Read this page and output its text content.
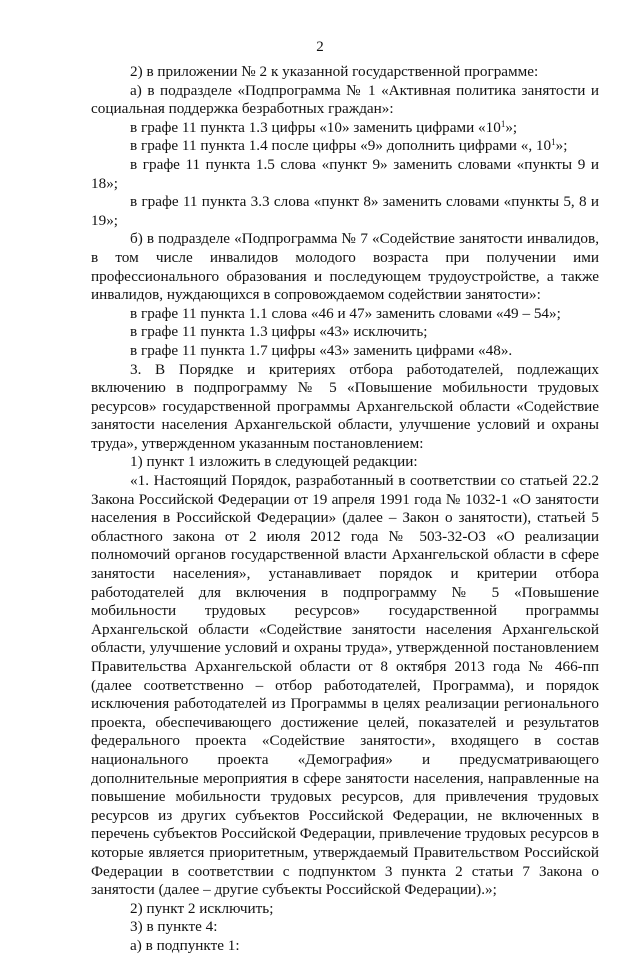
2

2) в приложении № 2 к указанной государственной программе:

а) в подразделе «Подпрограмма № 1 «Активная политика занятости и социальная поддержка безработных граждан»:

в графе 11 пункта 1.3 цифры «10» заменить цифрами «$10^1$»;

в графе 11 пункта 1.4 после цифры «9» дополнить цифрами «, $10^1$»;

в графе 11 пункта 1.5 слова «пункт 9» заменить словами «пункты 9 и 18»;

в графе 11 пункта 3.3 слова «пункт 8» заменить словами «пункты 5, 8 и 19»;

б) в подразделе «Подпрограмма № 7 «Содействие занятости инвалидов, в том числе инвалидов молодого возраста при получении ими профессионального образования и последующем трудоустройстве, а также инвалидов, нуждающихся в сопровождаемом содействии занятости»:

в графе 11 пункта 1.1 слова «46 и 47» заменить словами «49 – 54»;

в графе 11 пункта 1.3 цифры «43» исключить;

в графе 11 пункта 1.7 цифры «43» заменить цифрами «48».

3. В Порядке и критериях отбора работодателей, подлежащих включению в подпрограмму № 5 «Повышение мобильности трудовых ресурсов» государственной программы Архангельской области «Содействие занятости населения Архангельской области, улучшение условий и охраны труда», утвержденном указанным постановлением:

1) пункт 1 изложить в следующей редакции:

«1. Настоящий Порядок, разработанный в соответствии со статьей 22.2 Закона Российской Федерации от 19 апреля 1991 года № 1032-1 «О занятости населения в Российской Федерации» (далее – Закон о занятости), статьей 5 областного закона от 2 июля 2012 года № 503-32-ОЗ «О реализации полномочий органов государственной власти Архангельской области в сфере занятости населения», устанавливает порядок и критерии отбора работодателей для включения в подпрограмму № 5 «Повышение мобильности трудовых ресурсов» государственной программы Архангельской области «Содействие занятости населения Архангельской области, улучшение условий и охраны труда», утвержденной постановлением Правительства Архангельской области от 8 октября 2013 года № 466-пп (далее соответственно – отбор работодателей, Программа), и порядок исключения работодателей из Программы в целях реализации регионального проекта, обеспечивающего достижение целей, показателей и результатов федерального проекта «Содействие занятости», входящего в состав национального проекта «Демография» и предусматривающего дополнительные мероприятия в сфере занятости населения, направленные на повышение мобильности трудовых ресурсов, для привлечения трудовых ресурсов из других субъектов Российской Федерации, не включенных в перечень субъектов Российской Федерации, привлечение трудовых ресурсов в которые является приоритетным, утверждаемый Правительством Российской Федерации в соответствии с подпунктом 3 пункта 2 статьи 7 Закона о занятости (далее – другие субъекты Российской Федерации).»;

2) пункт 2 исключить;

3) в пункте 4:

а) в подпункте 1:
